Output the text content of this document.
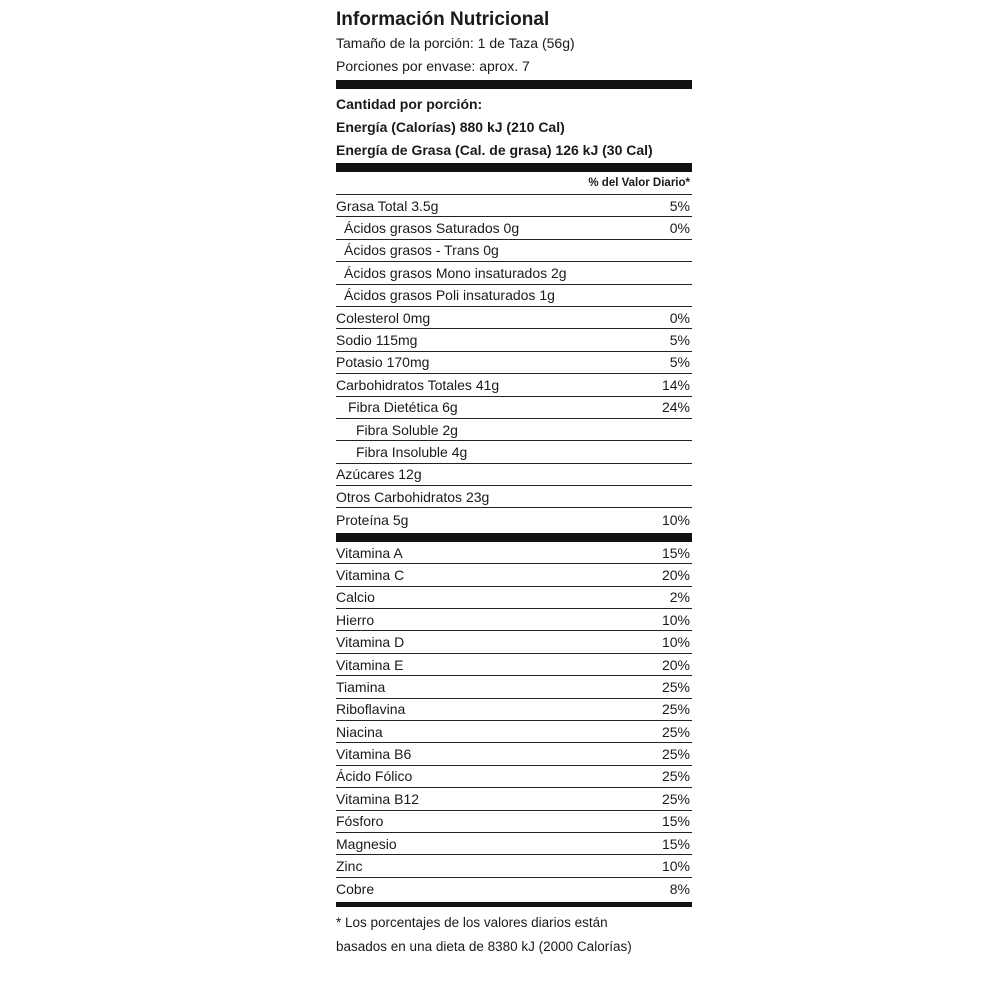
Información Nutricional
Tamaño de la porción: 1 de Taza (56g)
Porciones por envase: aprox. 7
Cantidad por porción:
Energía (Calorías) 880 kJ (210 Cal)
Energía de Grasa (Cal. de grasa) 126 kJ (30 Cal)
% del Valor Diario*
Grasa Total 3.5g	5%
Ácidos grasos Saturados 0g	0%
Ácidos grasos - Trans 0g
Ácidos grasos Mono insaturados 2g
Ácidos grasos Poli insaturados 1g
Colesterol 0mg	0%
Sodio 115mg	5%
Potasio 170mg	5%
Carbohidratos Totales 41g	14%
Fibra Dietética 6g	24%
Fibra Soluble 2g
Fibra Insoluble 4g
Azúcares 12g
Otros Carbohidratos 23g
Proteína 5g	10%
Vitamina A	15%
Vitamina C	20%
Calcio	2%
Hierro	10%
Vitamina D	10%
Vitamina E	20%
Tiamina	25%
Riboflavina	25%
Niacina	25%
Vitamina B6	25%
Ácido Fólico	25%
Vitamina B12	25%
Fósforo	15%
Magnesio	15%
Zinc	10%
Cobre	8%
* Los porcentajes de los valores diarios están
basados en una dieta de 8380 kJ (2000 Calorías)
